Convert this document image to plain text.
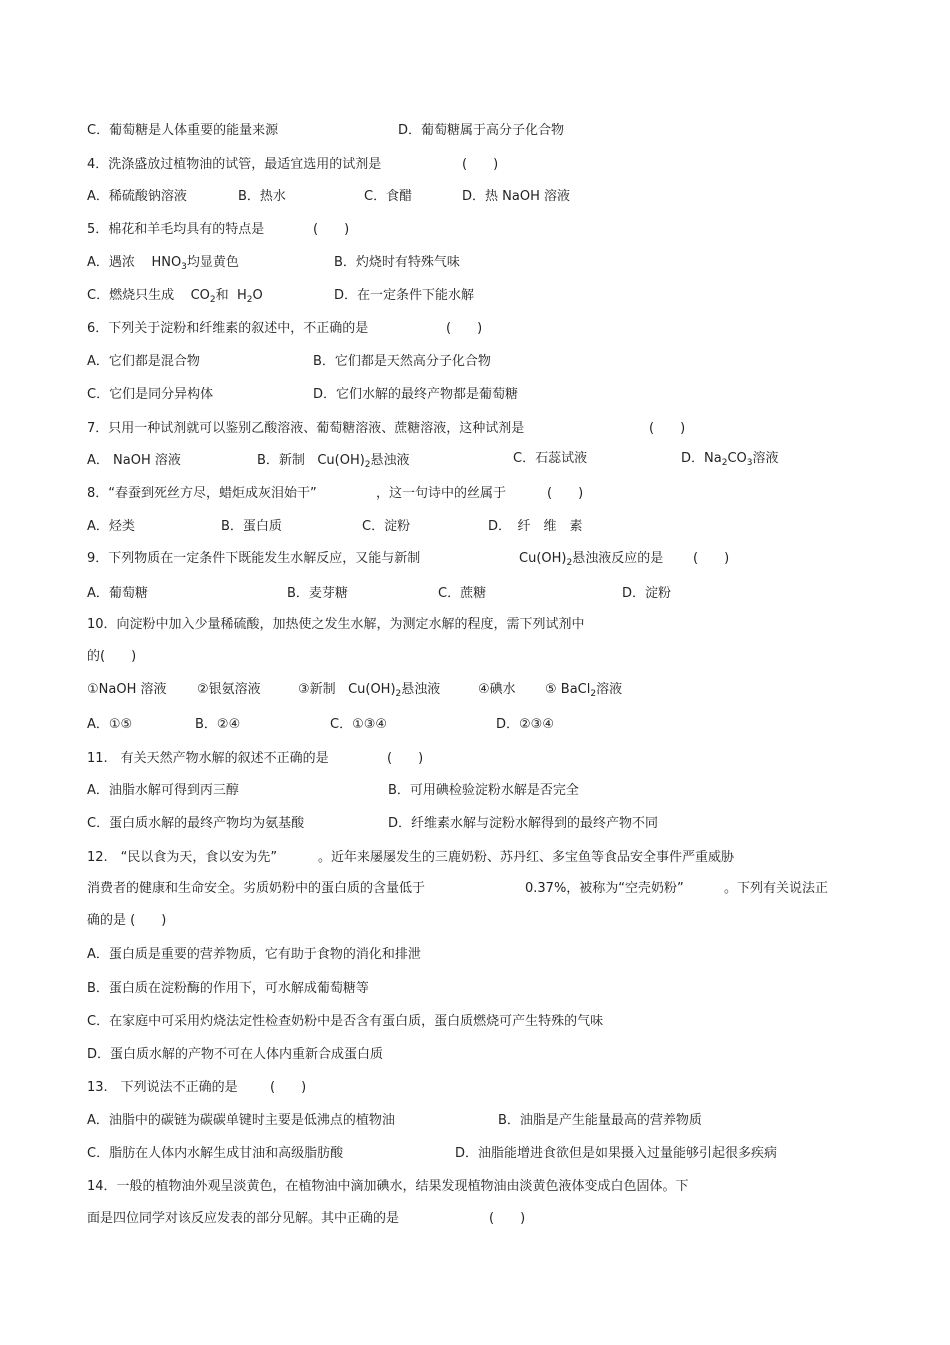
C．葡萄糖是人体重要的能量来源	D．葡萄糖属于高分子化合物
4．洗涤盛放过植物油的试管，最适宜选用的试剂是	(　　)
A．稀硫酸钠溶液	B．热水	C．食醋	D．热 NaOH 溶液
5．棉花和羊毛均具有的特点是	(　　)
A．遇浓 $HNO_3$均显黄色	B．灼烧时有特殊气味
C．燃烧只生成 $CO_2$和 $H_2O$	D．在一定条件下能水解
6．下列关于淀粉和纤维素的叙述中，不正确的是	(　　)
A．它们都是混合物	B．它们都是天然高分子化合物
C．它们是同分异构体	D．它们水解的最终产物都是葡萄糖
7．只用一种试剂就可以鉴别乙酸溶液、葡萄糖溶液、蔗糖溶液，这种试剂是	(　　)
A． NaOH 溶液	B．新制 $Cu(OH)_2$悬浊液	C．石蕊试液	D．$Na_2CO_3$溶液
8．“春蚕到死丝方尽，蜡炬成灰泪始干”	，这一句诗中的丝属于	(　　)
A．烃类	B．蛋白质	C．淀粉	D．　纤　维　素
9．下列物质在一定条件下既能发生水解反应，又能与新制	$Cu(OH)_2$悬浊液反应的是 (　　)
A．葡萄糖	B．麦芽糖	C．蔗糖	D．淀粉
10．向淀粉中加入少量稀硫酸，加热使之发生水解，为测定水解的程度，需下列试剂中
的(　　)
①NaOH 溶液 ②银氨溶液	③新制 $Cu(OH)_2$悬浊液	④碘水 ⑤ BaCl$_2$溶液
A．①⑤	B．②④	C．①③④	D．②③④
11.　有关天然产物水解的叙述不正确的是	(　　)
A．油脂水解可得到丙三醇	B．可用碘检验淀粉水解是否完全
C．蛋白质水解的最终产物均为氨基酸	D．纤维素水解与淀粉水解得到的最终产物不同
12.　“民以食为天，食以安为先”	。近年来屡屡发生的三鹿奶粉、苏丹红、多宝鱼等食品安全事件严重威胁
消费者的健康和生命安全。劣质奶粉中的蛋白质的含量低于	0.37%，被称为“空壳奶粉”	。下列有关说法正
确的是 (　　)
A．蛋白质是重要的营养物质，它有助于食物的消化和排泄
B．蛋白质在淀粉酶的作用下，可水解成葡萄糖等
C．在家庭中可采用灼烧法定性检查奶粉中是否含有蛋白质，蛋白质燃烧可产生特殊的气味
D．蛋白质水解的产物不可在人体内重新合成蛋白质
13.　下列说法不正确的是 (　　)
A．油脂中的碳链为碳碳单键时主要是低沸点的植物油	B．油脂是产生能量最高的营养物质
C．脂肪在人体内水解生成甘油和高级脂肪酸	D．油脂能增进食欲但是如果摄入过量能够引起很多疾病
14．一般的植物油外观呈淡黄色，在植物油中滴加碘水，结果发现植物油由淡黄色液体变成白色固体。下
面是四位同学对该反应发表的部分见解。其中正确的是	(　　)
